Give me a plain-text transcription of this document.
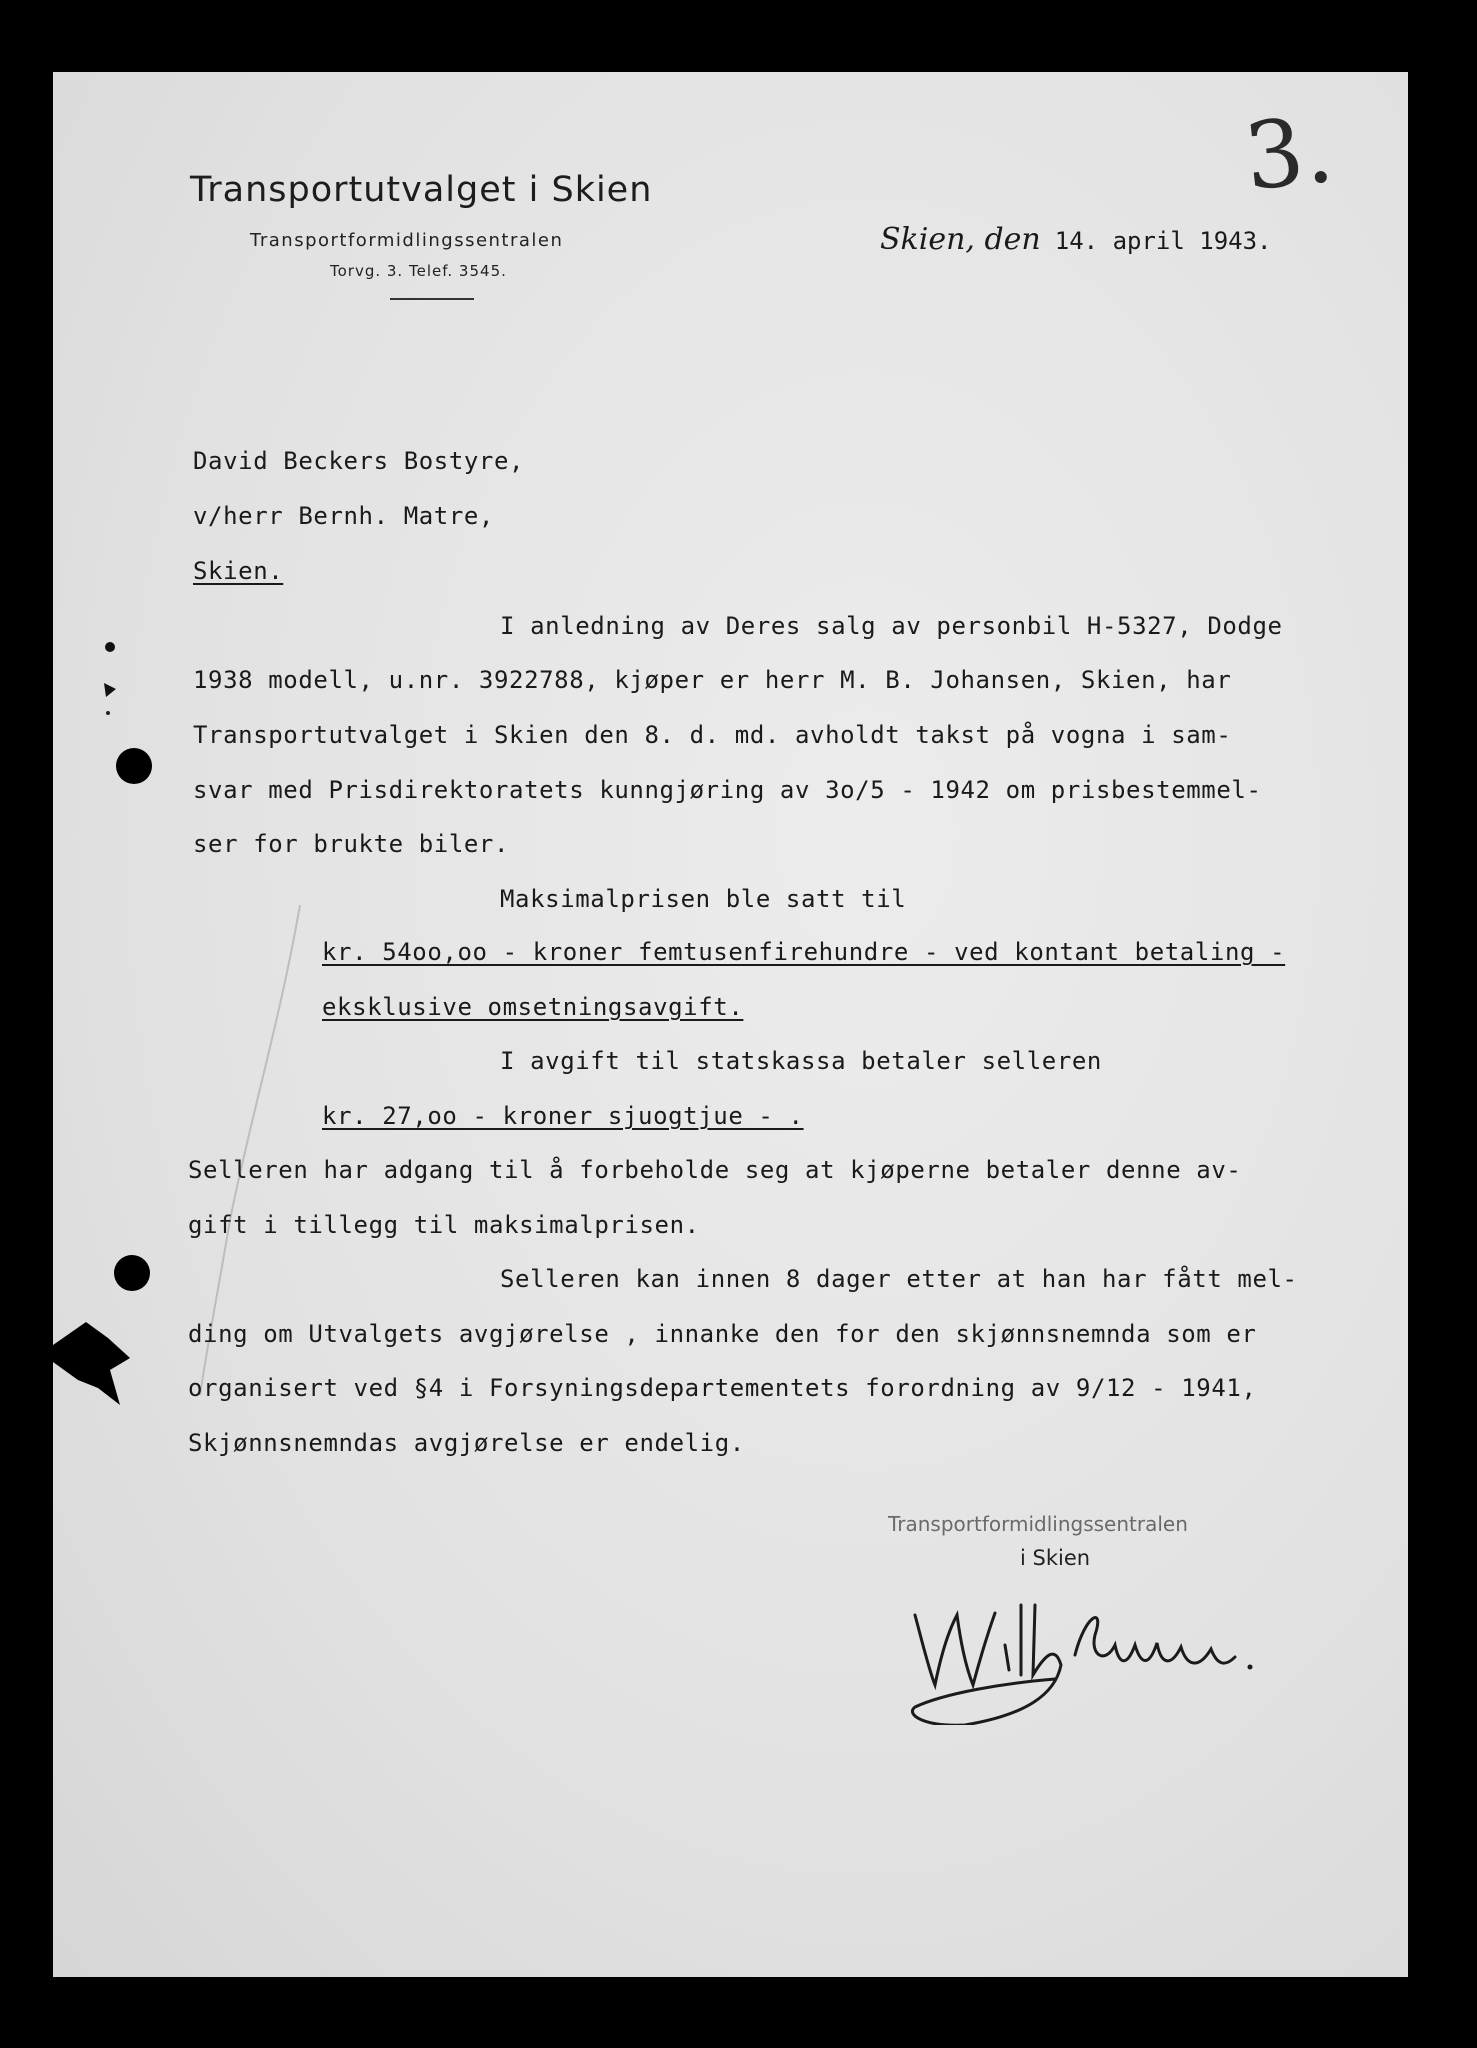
Transportutvalget i Skien
Transportformidlingssentralen
Torvg. 3. Telef. 3545.
3.
Skien, den 14. april 1943.
David Beckers Bostyre,
v/herr Bernh. Matre,
Skien.
I anledning av Deres salg av personbil H-5327, Dodge
1938 modell, u.nr. 3922788, kjøper er herr M. B. Johansen, Skien, har
Transportutvalget i Skien den 8. d. md. avholdt takst på vogna i sam-
svar med Prisdirektoratets kunngjøring av 3o/5 - 1942 om prisbestemmel-
ser for brukte biler.
Maksimalprisen ble satt til
kr. 54oo,oo - kroner femtusenfirehundre - ved kontant betaling -
eksklusive omsetningsavgift.
I avgift til statskassa betaler selleren
kr. 27,oo - kroner sjuogtjue - .
Selleren har adgang til å forbeholde seg at kjøperne betaler denne av-
gift i tillegg til maksimalprisen.
Selleren kan innen 8 dager etter at han har fått mel-
ding om Utvalgets avgjørelse , innanke den for den skjønnsnemnda som er
organisert ved §4 i Forsyningsdepartementets forordning av 9/12 - 1941,
Skjønnsnemndas avgjørelse er endelig.
Transportformidlingssentralen
i Skien
